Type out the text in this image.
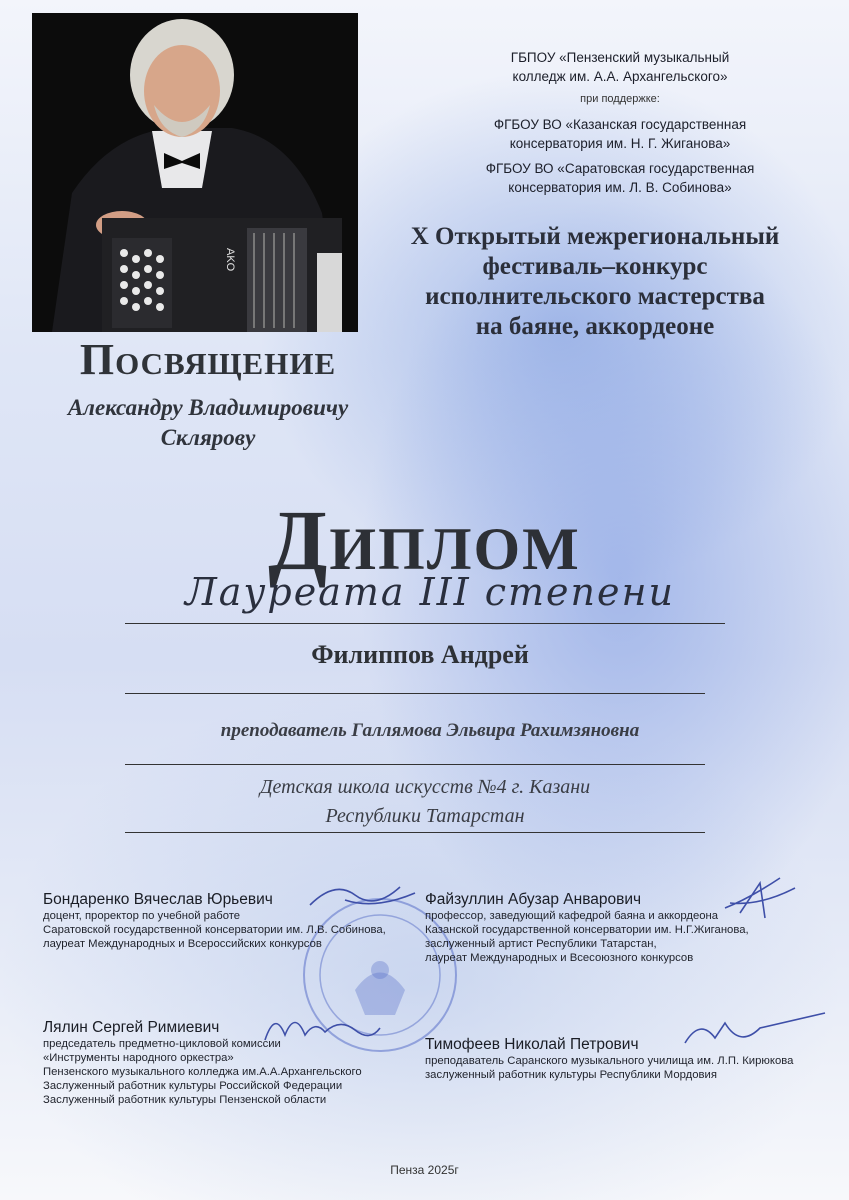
AKO
ГБПОУ «Пензенский музыкальный
колледж им. А.А. Архангельского»
при поддержке:
ФГБОУ ВО «Казанская государственная
консерватория им. Н. Г. Жиганова»
ФГБОУ ВО «Саратовская государственная
консерватория им. Л. В. Собинова»
X Открытый межрегиональный
фестиваль–конкурс
исполнительского мастерства
на баяне, аккордеоне
Посвящение
Александру Владимировичу
Склярову
Диплом
Лауреата III степени
Филиппов Андрей
преподаватель Галлямова Эльвира Рахимзяновна
Детская школа искусств №4 г. Казани
Республики Татарстан
Бондаренко Вячеслав Юрьевич
доцент, проректор по учебной работе
Саратовской государственной консерватории им. Л.В. Собинова,
лауреат Международных и Всероссийских конкурсов
Файзуллин Абузар Анварович
профессор, заведующий кафедрой баяна и аккордеона
Казанской государственной консерватории им. Н.Г.Жиганова,
заслуженный артист Республики Татарстан,
лауреат Международных и Всесоюзного конкурсов
Лялин Сергей Римиевич
председатель предметно-цикловой комиссии
«Инструменты народного оркестра»
Пензенского музыкального колледжа им.А.А.Архангельского
Заслуженный работник культуры Российской Федерации
Заслуженный работник культуры Пензенской области
Тимофеев Николай Петрович
преподаватель Саранского музыкального училища им. Л.П. Кирюкова
заслуженный работник культуры Республики Мордовия
Пенза 2025г
